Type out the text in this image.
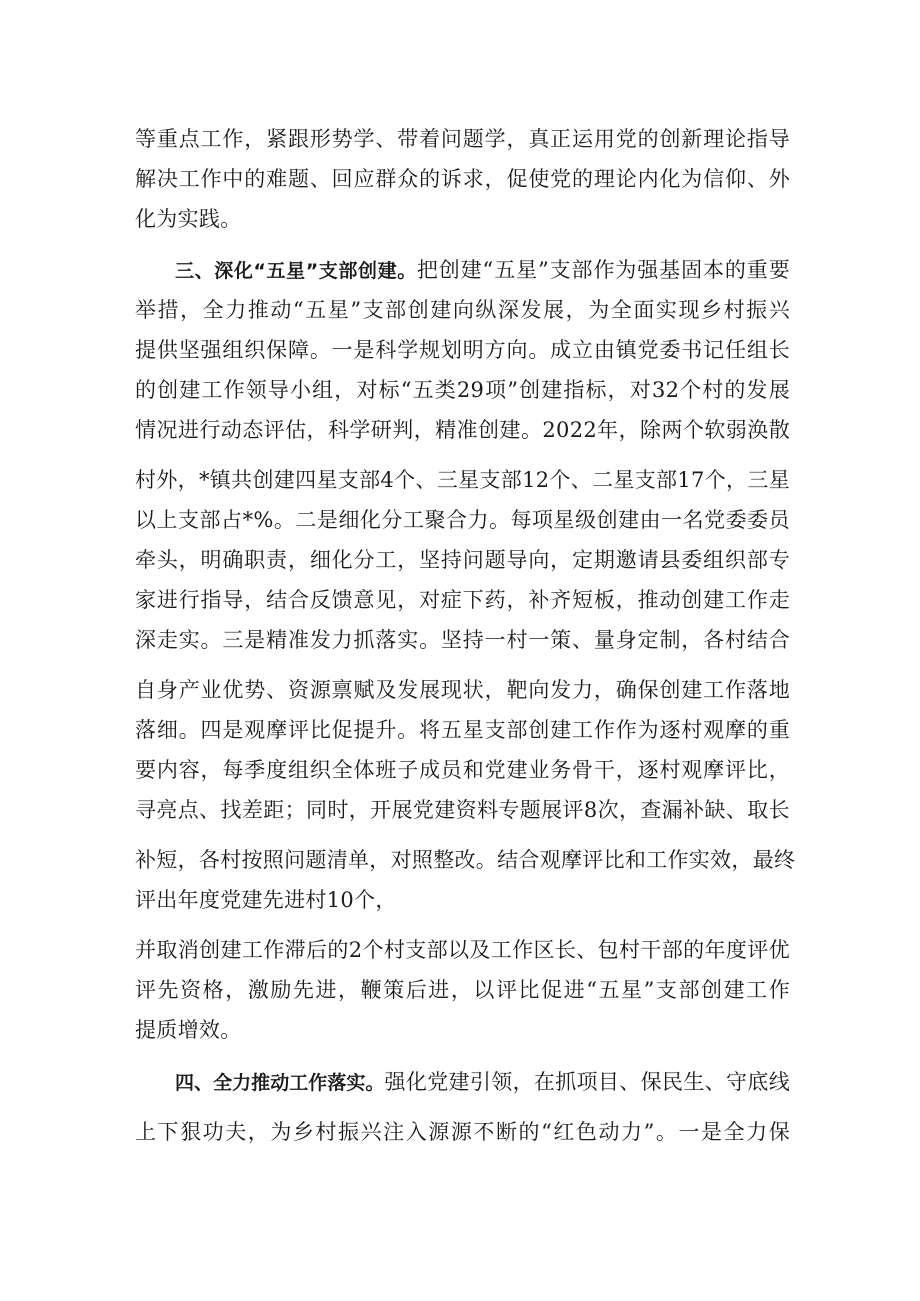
等重点工作，紧跟形势学、带着问题学，真正运用党的创新理论指导
解决工作中的难题、回应群众的诉求，促使党的理论内化为信仰、外
化为实践。
三、深化“五星”支部创建。把创建“五星”支部作为强基固本的重要
举措，全力推动“五星”支部创建向纵深发展，为全面实现乡村振兴
提供坚强组织保障。一是科学规划明方向。成立由镇党委书记任组长
的创建工作领导小组，对标“五类29项”创建指标，对32个村的发展
情况进行动态评估，科学研判，精准创建。2022年，除两个软弱涣散
村外，*镇共创建四星支部4个、三星支部12个、二星支部17个，三星
以上支部占*%。二是细化分工聚合力。每项星级创建由一名党委委员
牵头，明确职责，细化分工，坚持问题导向，定期邀请县委组织部专
家进行指导，结合反馈意见，对症下药，补齐短板，推动创建工作走
深走实。三是精准发力抓落实。坚持一村一策、量身定制，各村结合
自身产业优势、资源禀赋及发展现状，靶向发力，确保创建工作落地
落细。四是观摩评比促提升。将五星支部创建工作作为逐村观摩的重
要内容，每季度组织全体班子成员和党建业务骨干，逐村观摩评比，
寻亮点、找差距；同时，开展党建资料专题展评8次，查漏补缺、取长
补短，各村按照问题清单，对照整改。结合观摩评比和工作实效，最终
评出年度党建先进村10个，
并取消创建工作滞后的2个村支部以及工作区长、包村干部的年度评优
评先资格，激励先进，鞭策后进，以评比促进“五星”支部创建工作
提质增效。
四、全力推动工作落实。强化党建引领，在抓项目、保民生、守底线
上下狠功夫，为乡村振兴注入源源不断的“红色动力”。一是全力保
